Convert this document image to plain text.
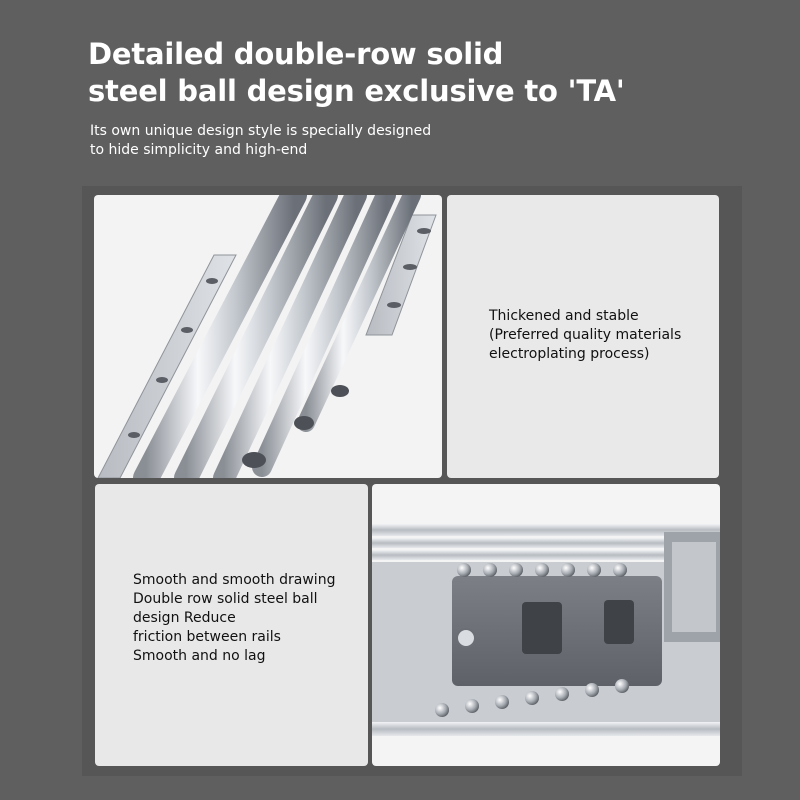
Detailed double-row solid
steel ball design exclusive to 'TA'
Its own unique design style is specially designed
to hide simplicity and high-end
Thickened and stable
(Preferred quality materials
electroplating process)
Smooth and smooth drawing
Double row solid steel ball
design Reduce
friction between rails
Smooth and no lag
